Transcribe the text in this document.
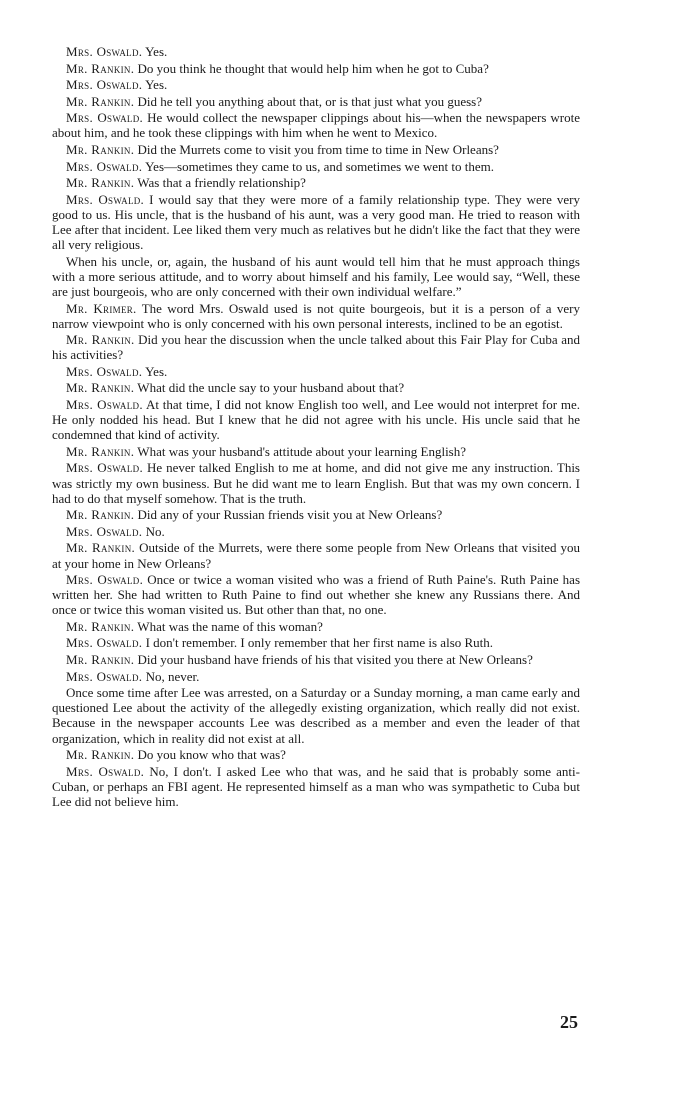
Mrs. Oswald. Yes.

Mr. Rankin. Do you think he thought that would help him when he got to Cuba?

Mrs. Oswald. Yes.

Mr. Rankin. Did he tell you anything about that, or is that just what you guess?

Mrs. Oswald. He would collect the newspaper clippings about his—when the newspapers wrote about him, and he took these clippings with him when he went to Mexico.

Mr. Rankin. Did the Murrets come to visit you from time to time in New Orleans?

Mrs. Oswald. Yes—sometimes they came to us, and sometimes we went to them.

Mr. Rankin. Was that a friendly relationship?

Mrs. Oswald. I would say that they were more of a family relationship type. They were very good to us. His uncle, that is the husband of his aunt, was a very good man. He tried to reason with Lee after that incident. Lee liked them very much as relatives but he didn't like the fact that they were all very religious.

When his uncle, or, again, the husband of his aunt would tell him that he must approach things with a more serious attitude, and to worry about himself and his family, Lee would say, “Well, these are just bourgeois, who are only concerned with their own individual welfare.”

Mr. Krimer. The word Mrs. Oswald used is not quite bourgeois, but it is a person of a very narrow viewpoint who is only concerned with his own personal interests, inclined to be an egotist.

Mr. Rankin. Did you hear the discussion when the uncle talked about this Fair Play for Cuba and his activities?

Mrs. Oswald. Yes.

Mr. Rankin. What did the uncle say to your husband about that?

Mrs. Oswald. At that time, I did not know English too well, and Lee would not interpret for me. He only nodded his head. But I knew that he did not agree with his uncle. His uncle said that he condemned that kind of activity.

Mr. Rankin. What was your husband's attitude about your learning English?

Mrs. Oswald. He never talked English to me at home, and did not give me any instruction. This was strictly my own business. But he did want me to learn English. But that was my own concern. I had to do that myself somehow. That is the truth.

Mr. Rankin. Did any of your Russian friends visit you at New Orleans?

Mrs. Oswald. No.

Mr. Rankin. Outside of the Murrets, were there some people from New Orleans that visited you at your home in New Orleans?

Mrs. Oswald. Once or twice a woman visited who was a friend of Ruth Paine's. Ruth Paine has written her. She had written to Ruth Paine to find out whether she knew any Russians there. And once or twice this woman visited us. But other than that, no one.

Mr. Rankin. What was the name of this woman?

Mrs. Oswald. I don't remember. I only remember that her first name is also Ruth.

Mr. Rankin. Did your husband have friends of his that visited you there at New Orleans?

Mrs. Oswald. No, never.

Once some time after Lee was arrested, on a Saturday or a Sunday morning, a man came early and questioned Lee about the activity of the allegedly existing organization, which really did not exist. Because in the newspaper accounts Lee was described as a member and even the leader of that organization, which in reality did not exist at all.

Mr. Rankin. Do you know who that was?

Mrs. Oswald. No, I don't. I asked Lee who that was, and he said that is probably some anti-Cuban, or perhaps an FBI agent. He represented himself as a man who was sympathetic to Cuba but Lee did not believe him.

25
